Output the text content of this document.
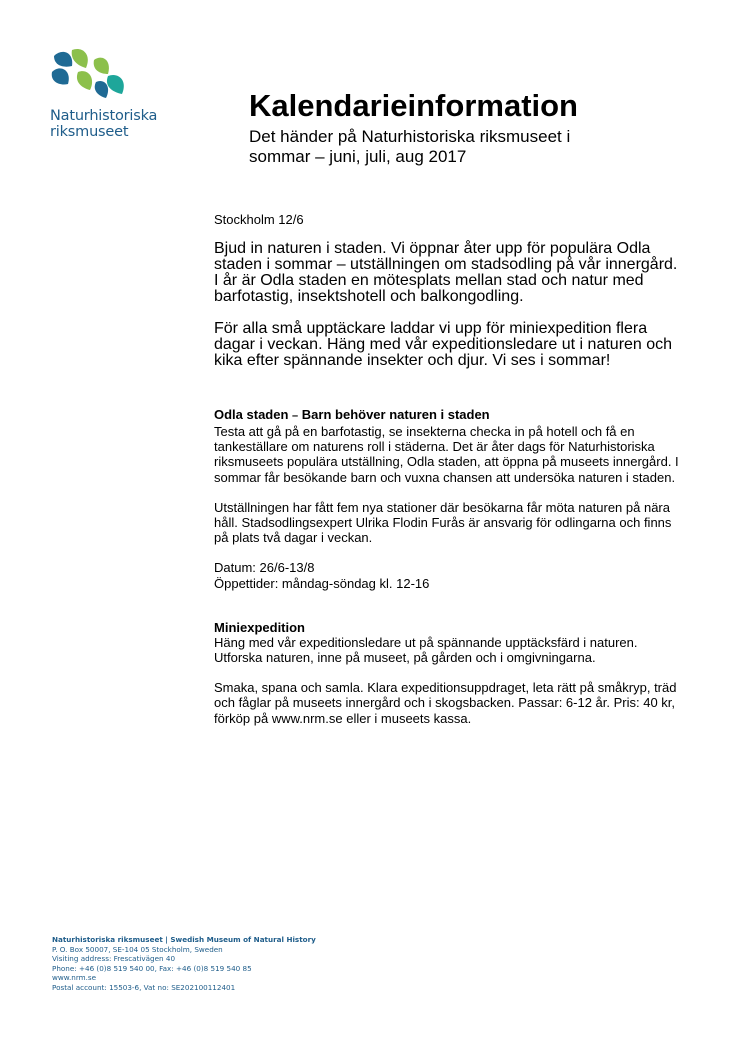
Naturhistoriska
riksmuseet
Kalendarieinformation
Det händer på Naturhistoriska riksmuseet i
sommar – juni, juli, aug 2017
Stockholm 12/6

Bjud in naturen i staden. Vi öppnar åter upp för populära Odla staden i sommar – utställningen om stadsodling på vår innergård. I år är Odla staden en mötesplats mellan stad och natur med barfotastig, insektshotell och balkongodling.

För alla små upptäckare laddar vi upp för miniexpedition flera dagar i veckan. Häng med vår expeditionsledare ut i naturen och kika efter spännande insekter och djur. Vi ses i sommar!

Odla staden – Barn behöver naturen i staden

Testa att gå på en barfotastig, se insekterna checka in på hotell och få en tankeställare om naturens roll i städerna. Det är åter dags för Naturhistoriska riksmuseets populära utställning, Odla staden, att öppna på museets innergård. I sommar får besökande barn och vuxna chansen att undersöka naturen i staden.

Utställningen har fått fem nya stationer där besökarna får möta naturen på nära håll. Stadsodlingsexpert Ulrika Flodin Furås är ansvarig för odlingarna och finns på plats två dagar i veckan.

Datum: 26/6-13/8
Öppettider: måndag-söndag kl. 12-16

Miniexpedition

Häng med vår expeditionsledare ut på spännande upptäcksfärd i naturen. Utforska naturen, inne på museet, på gården och i omgivningarna.

Smaka, spana och samla. Klara expeditionsuppdraget, leta rätt på småkryp, träd och fåglar på museets innergård och i skogsbacken. Passar: 6-12 år. Pris: 40 kr, förköp på www.nrm.se eller i museets kassa.

Naturhistoriska riksmuseet | Swedish Museum of Natural History
P. O. Box 50007, SE-104 05 Stockholm, Sweden
Visiting address: Frescativägen 40
Phone: +46 (0)8 519 540 00, Fax: +46 (0)8 519 540 85
www.nrm.se
Postal account: 15503-6, Vat no: SE202100112401
